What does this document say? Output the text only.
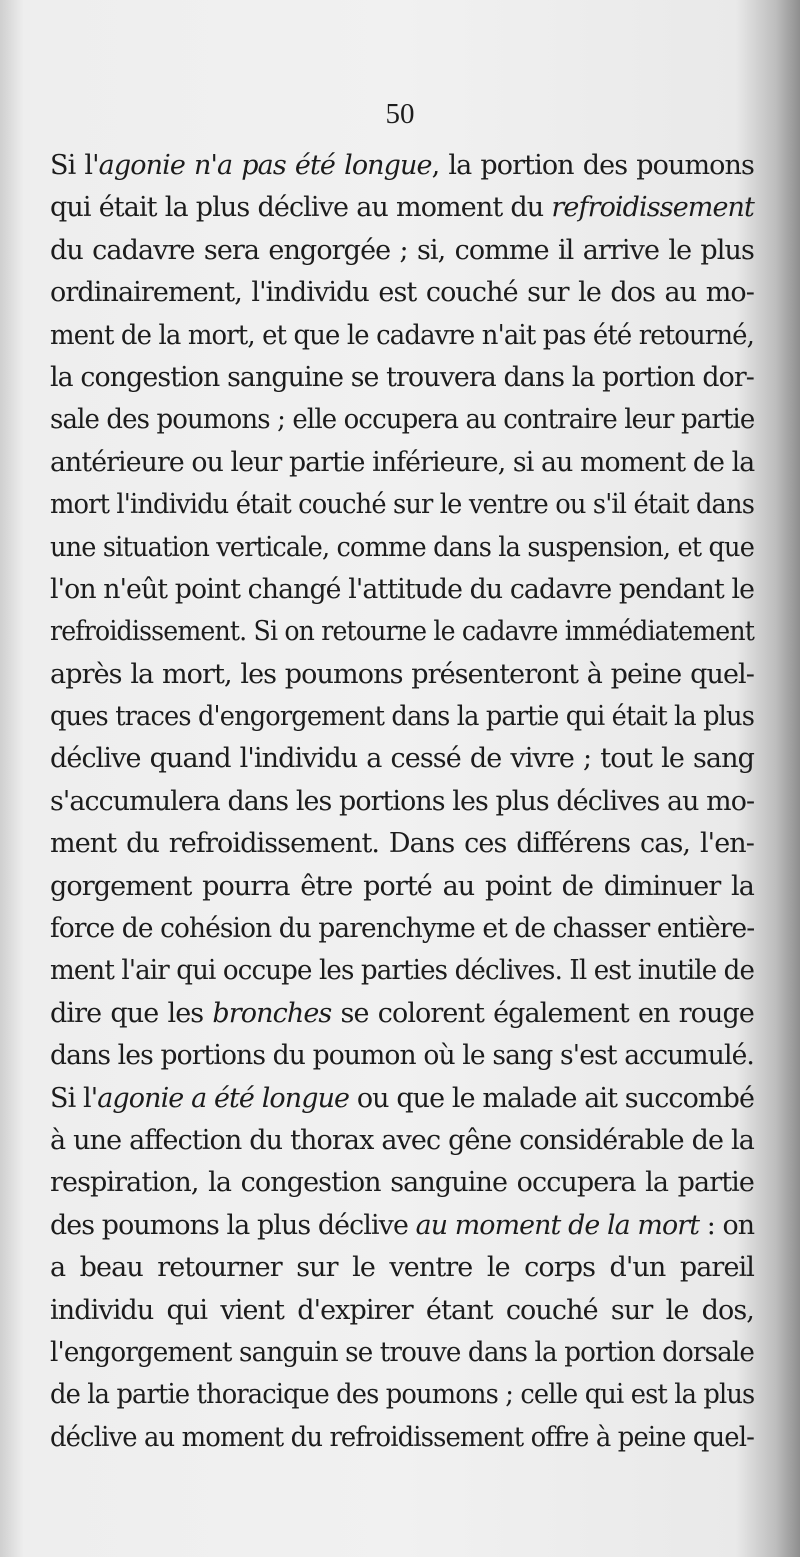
50
Si l'agonie n'a pas été longue, la portion des poumons
qui était la plus déclive au moment du refroidissement
du cadavre sera engorgée ; si, comme il arrive le plus
ordinairement, l'individu est couché sur le dos au mo-
ment de la mort, et que le cadavre n'ait pas été retourné,
la congestion sanguine se trouvera dans la portion dor-
sale des poumons ; elle occupera au contraire leur partie
antérieure ou leur partie inférieure, si au moment de la
mort l'individu était couché sur le ventre ou s'il était dans
une situation verticale, comme dans la suspension, et que
l'on n'eût point changé l'attitude du cadavre pendant le
refroidissement. Si on retourne le cadavre immédiatement
après la mort, les poumons présenteront à peine quel-
ques traces d'engorgement dans la partie qui était la plus
déclive quand l'individu a cessé de vivre ; tout le sang
s'accumulera dans les portions les plus déclives au mo-
ment du refroidissement. Dans ces différens cas, l'en-
gorgement pourra être porté au point de diminuer la
force de cohésion du parenchyme et de chasser entière-
ment l'air qui occupe les parties déclives. Il est inutile de
dire que les bronches se colorent également en rouge
dans les portions du poumon où le sang s'est accumulé.
Si l'agonie a été longue ou que le malade ait succombé
à une affection du thorax avec gêne considérable de la
respiration, la congestion sanguine occupera la partie
des poumons la plus déclive au moment de la mort : on
a beau retourner sur le ventre le corps d'un pareil
individu qui vient d'expirer étant couché sur le dos,
l'engorgement sanguin se trouve dans la portion dorsale
de la partie thoracique des poumons ; celle qui est la plus
déclive au moment du refroidissement offre à peine quel-
